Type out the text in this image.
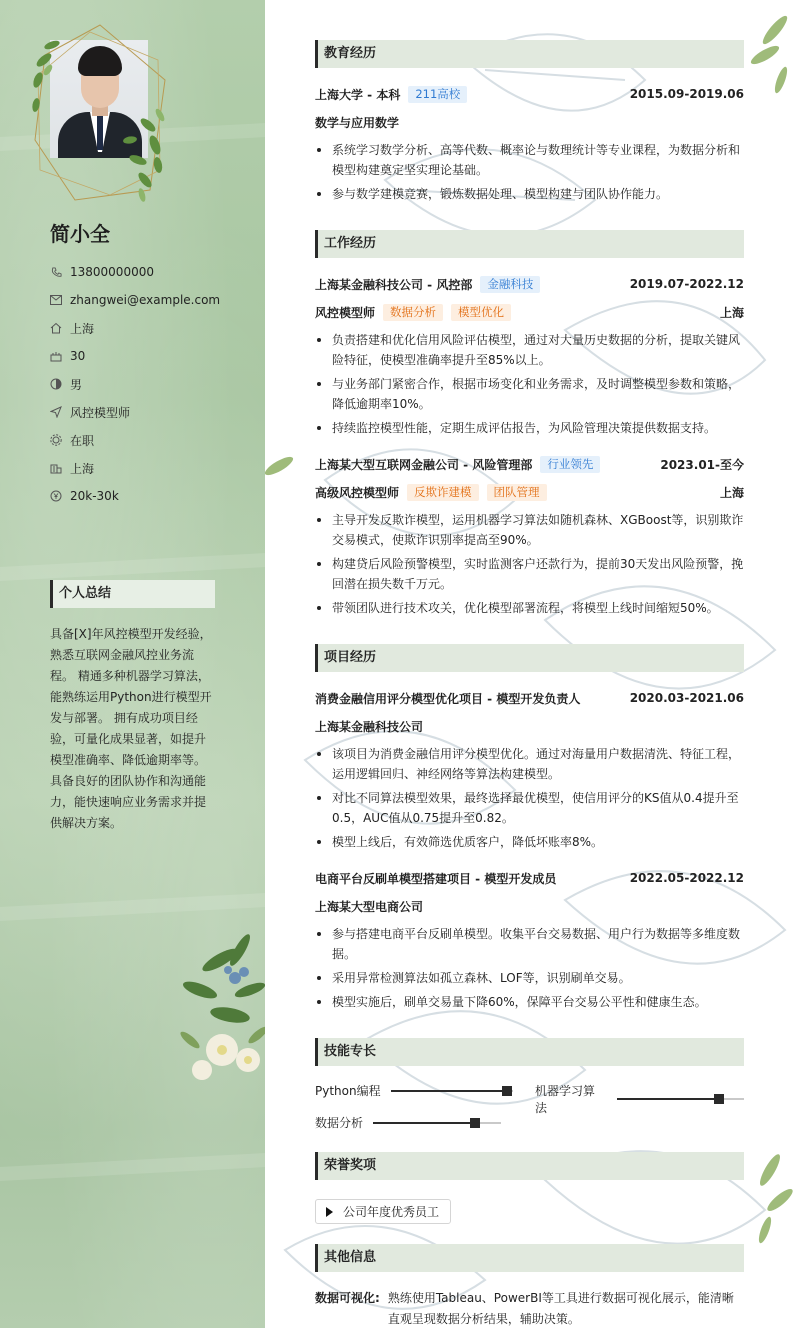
简小全
13800000000
zhangwei@example.com
上海
30
男
风控模型师
在职
上海
20k-30k
个人总结
具备[X]年风控模型开发经验，熟悉互联网金融风控业务流程。 精通多种机器学习算法，能熟练运用Python进行模型开发与部署。 拥有成功项目经验，可量化成果显著，如提升模型准确率、降低逾期率等。 具备良好的团队协作和沟通能力，能快速响应业务需求并提供解决方案。
教育经历
上海大学 - 本科	211高校	2015.09-2019.06
数学与应用数学
系统学习数学分析、高等代数、概率论与数理统计等专业课程，为数据分析和模型构建奠定坚实理论基础。
参与数学建模竞赛，锻炼数据处理、模型构建与团队协作能力。
工作经历
上海某金融科技公司 - 风控部	金融科技	2019.07-2022.12
风控模型师	数据分析	模型优化	上海
负责搭建和优化信用风险评估模型，通过对大量历史数据的分析，提取关键风险特征，使模型准确率提升至85%以上。
与业务部门紧密合作，根据市场变化和业务需求，及时调整模型参数和策略，降低逾期率10%。
持续监控模型性能，定期生成评估报告，为风险管理决策提供数据支持。
上海某大型互联网金融公司 - 风险管理部	行业领先	2023.01-至今
高级风控模型师	反欺诈建模	团队管理	上海
主导开发反欺诈模型，运用机器学习算法如随机森林、XGBoost等，识别欺诈交易模式，使欺诈识别率提高至90%。
构建贷后风险预警模型，实时监测客户还款行为，提前30天发出风险预警，挽回潜在损失数千万元。
带领团队进行技术攻关，优化模型部署流程，将模型上线时间缩短50%。
项目经历
消费金融信用评分模型优化项目 - 模型开发负责人	2020.03-2021.06
上海某金融科技公司
该项目为消费金融信用评分模型优化。通过对海量用户数据清洗、特征工程，运用逻辑回归、神经网络等算法构建模型。
对比不同算法模型效果，最终选择最优模型，使信用评分的KS值从0.4提升至0.5，AUC值从0.75提升至0.82。
模型上线后，有效筛选优质客户，降低坏账率8%。
电商平台反刷单模型搭建项目 - 模型开发成员	2022.05-2022.12
上海某大型电商公司
参与搭建电商平台反刷单模型。收集平台交易数据、用户行为数据等多维度数据。
采用异常检测算法如孤立森林、LOF等，识别刷单交易。
模型实施后，刷单交易量下降60%，保障平台交易公平性和健康生态。
技能专长
Python编程	机器学习算法
数据分析
荣誉奖项
公司年度优秀员工
其他信息
数据可视化: 熟练使用Tableau、PowerBI等工具进行数据可视化展示，能清晰直观呈现数据分析结果，辅助决策。
